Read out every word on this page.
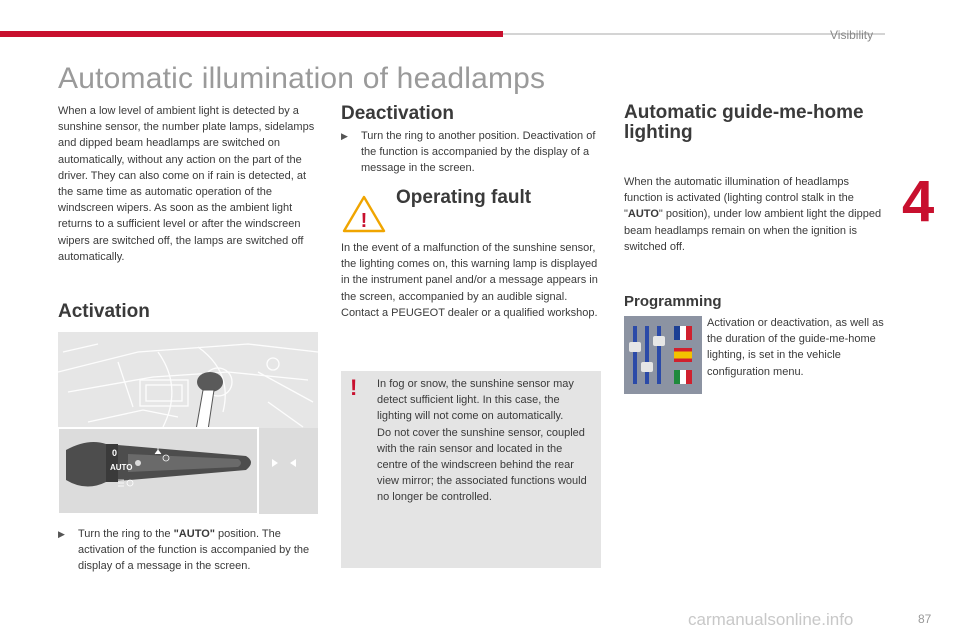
Visibility
4
Automatic illumination of headlamps
When a low level of ambient light is detected by a sunshine sensor, the number plate lamps, sidelamps and dipped beam headlamps are switched on automatically, without any action on the part of the driver. They can also come on if rain is detected, at the same time as automatic operation of the windscreen wipers. As soon as the ambient light returns to a sufficient level or after the windscreen wipers are switched off, the lamps are switched off automatically.
Activation
0
AUTO
▶	Turn the ring to the "AUTO" position. The activation of the function is accompanied by the display of a message in the screen.
Deactivation
▶	Turn the ring to another position. Deactivation of the function is accompanied by the display of a message in the screen.
!
Operating fault
In the event of a malfunction of the sunshine sensor, the lighting comes on, this warning lamp is displayed in the instrument panel and/or a message appears in the screen, accompanied by an audible signal.
Contact a PEUGEOT dealer or a qualified workshop.
! In fog or snow, the sunshine sensor may detect sufficient light. In this case, the lighting will not come on automatically.
Do not cover the sunshine sensor, coupled with the rain sensor and located in the centre of the windscreen behind the rear view mirror; the associated functions would no longer be controlled.
Automatic guide-me-home lighting
When the automatic illumination of headlamps function is activated (lighting control stalk in the "AUTO" position), under low ambient light the dipped beam headlamps remain on when the ignition is switched off.
Programming
Activation or deactivation, as well as the duration of the guide-me-home lighting, is set in the vehicle configuration menu.
carmanualsonline.info	87
